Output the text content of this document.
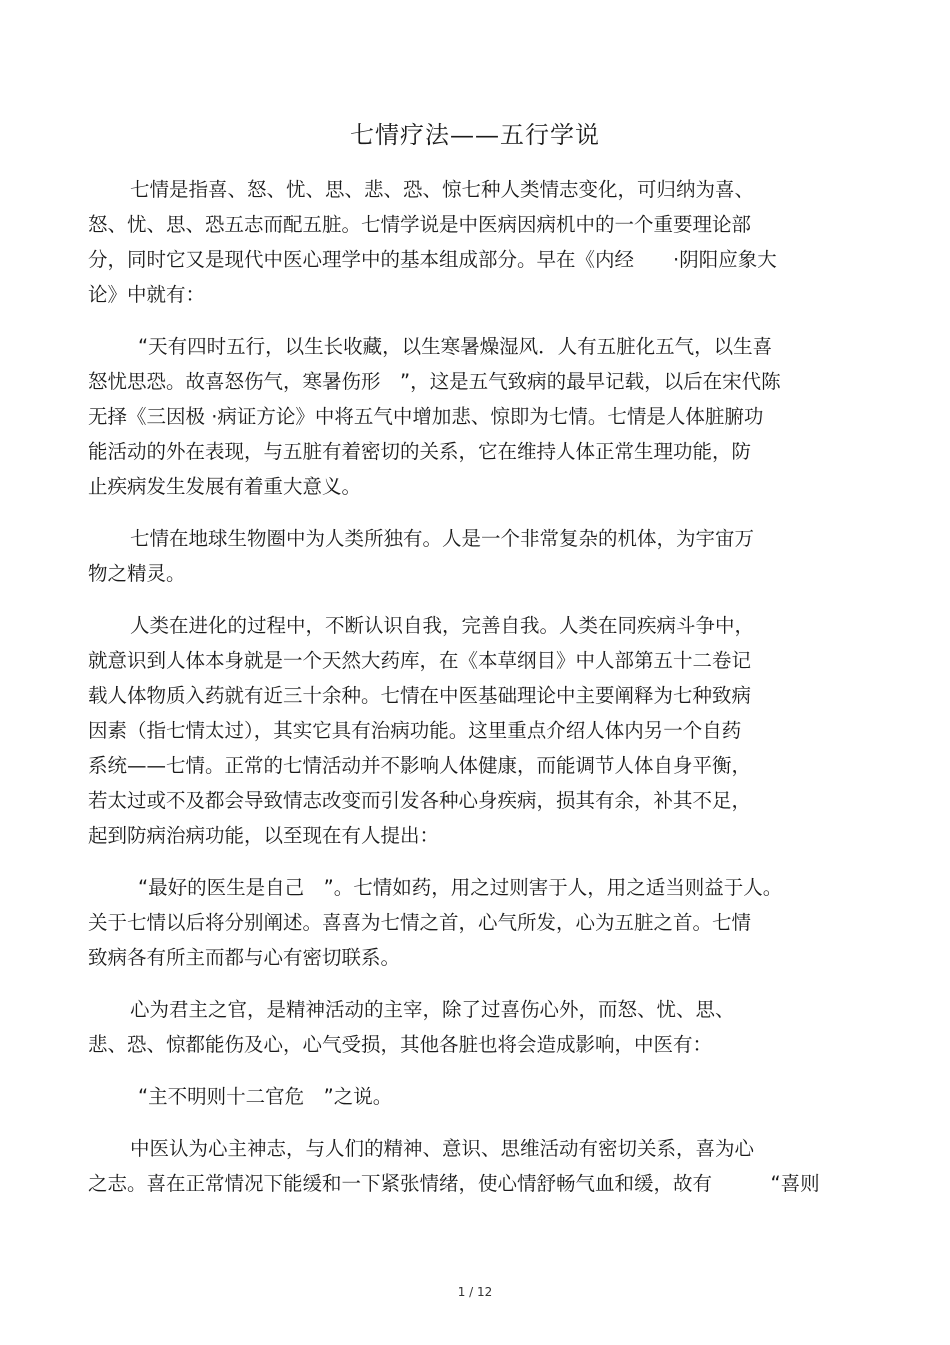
七情疗法——五行学说

七情是指喜、怒、忧、思、悲、恐、惊七种人类情志变化，可归纳为喜、
怒、忧、思、恐五志而配五脏。七情学说是中医病因病机中的一个重要理论部
分，同时它又是现代中医心理学中的基本组成部分。早在《内经　　·阴阳应象大
论》中就有：

“天有四时五行，以生长收藏，以生寒暑燥湿风．人有五脏化五气，以生喜
怒忧思恐。故喜怒伤气，寒暑伤形　”，这是五气致病的最早记载，以后在宋代陈
无择《三因极 ·病证方论》中将五气中增加悲、惊即为七情。七情是人体脏腑功
能活动的外在表现，与五脏有着密切的关系，它在维持人体正常生理功能，防
止疾病发生发展有着重大意义。

七情在地球生物圈中为人类所独有。人是一个非常复杂的机体，为宇宙万
物之精灵。

人类在进化的过程中，不断认识自我，完善自我。人类在同疾病斗争中，
就意识到人体本身就是一个天然大药库，在《本草纲目》中人部第五十二卷记
载人体物质入药就有近三十余种。七情在中医基础理论中主要阐释为七种致病
因素（指七情太过），其实它具有治病功能。这里重点介绍人体内另一个自药
系统——七情。正常的七情活动并不影响人体健康，而能调节人体自身平衡，
若太过或不及都会导致情志改变而引发各种心身疾病，损其有余，补其不足，
起到防病治病功能，以至现在有人提出：

“最好的医生是自己　”。七情如药，用之过则害于人，用之适当则益于人。
关于七情以后将分别阐述。喜喜为七情之首，心气所发，心为五脏之首。七情
致病各有所主而都与心有密切联系。

心为君主之官，是精神活动的主宰，除了过喜伤心外，而怒、忧、思、
悲、恐、惊都能伤及心，心气受损，其他各脏也将会造成影响，中医有：

“主不明则十二官危　”之说。

中医认为心主神志，与人们的精神、意识、思维活动有密切关系，喜为心
之志。喜在正常情况下能缓和一下紧张情绪，使心情舒畅气血和缓，故有　　　“喜则

1 / 12
